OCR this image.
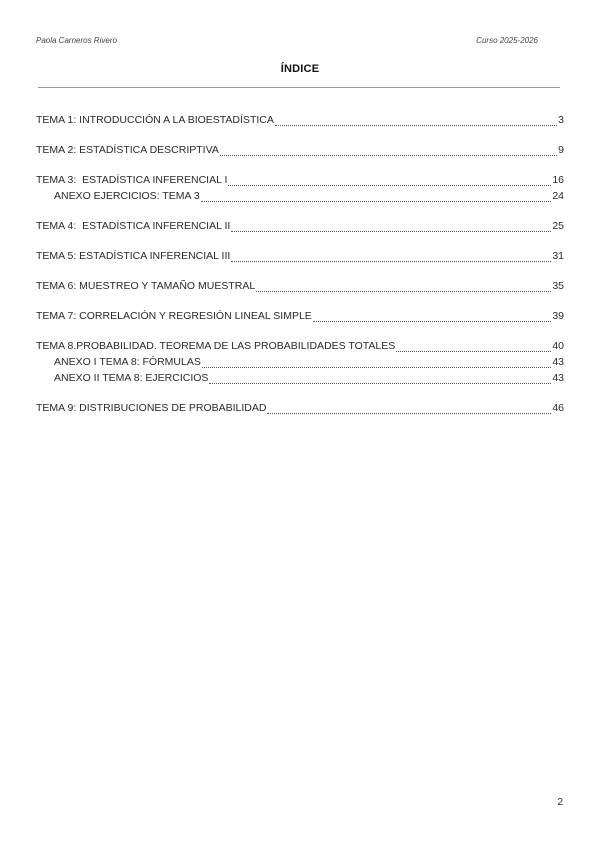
Paola Carneros Rivero	Curso 2025-2026
ÍNDICE
TEMA 1: INTRODUCCIÓN A LA BIOESTADÍSTICA	3
TEMA 2: ESTADÍSTICA DESCRIPTIVA	9
TEMA 3:  ESTADÍSTICA INFERENCIAL I	16
ANEXO EJERCICIOS: TEMA 3	24
TEMA 4:  ESTADÍSTICA INFERENCIAL II	25
TEMA 5: ESTADÍSTICA INFERENCIAL III	31
TEMA 6: MUESTREO Y TAMAÑO MUESTRAL	35
TEMA 7: CORRELACIÓN Y REGRESIÓN LINEAL SIMPLE	39
TEMA 8.PROBABILIDAD. TEOREMA DE LAS PROBABILIDADES TOTALES	40
ANEXO I TEMA 8: FÓRMULAS	43
ANEXO II TEMA 8: EJERCICIOS	43
TEMA 9: DISTRIBUCIONES DE PROBABILIDAD	46
2
